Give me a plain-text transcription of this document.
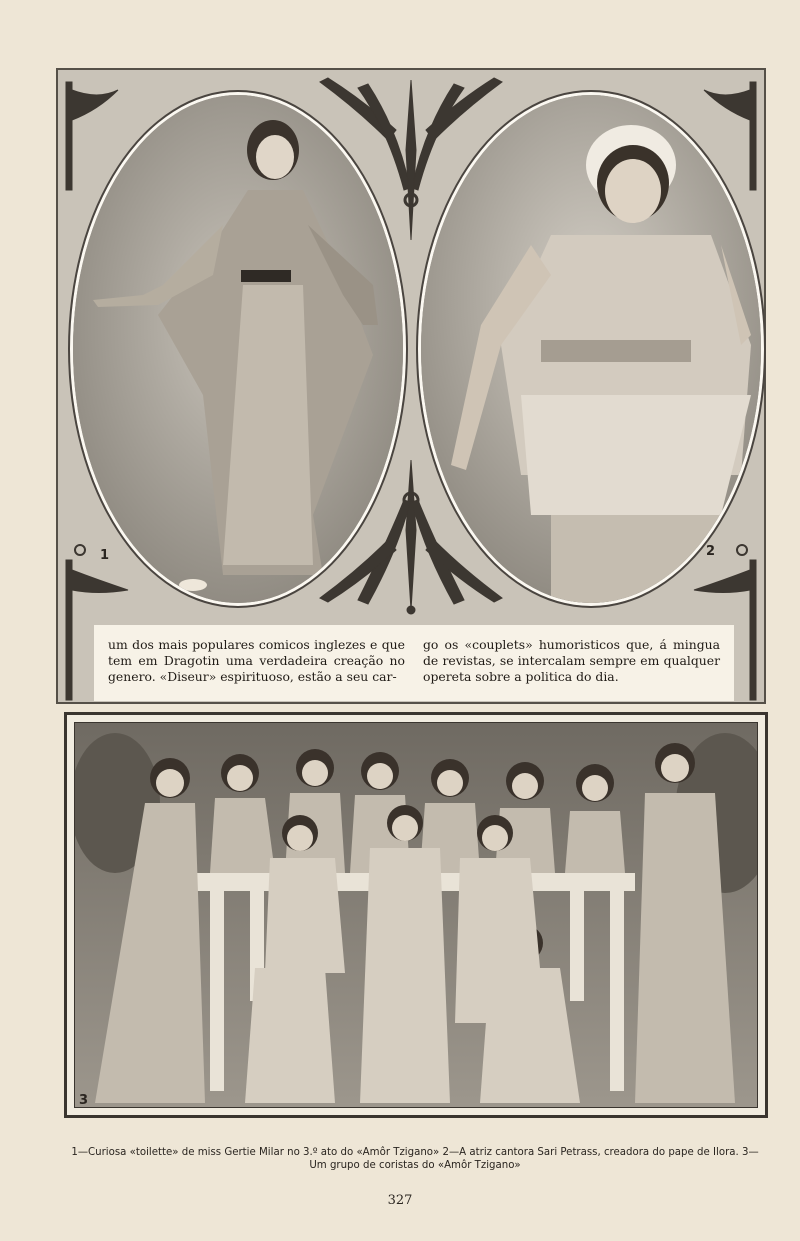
1	2
um dos mais populares comicos inglezes e que tem em Dragotin uma verdadeira creação no genero. «Diseur» espirituoso, estão a seu car-
go os «couplets» humoristicos que, á mingua de revistas, se intercalam sempre em qualquer opereta sobre a politica do dia.
3
1—Curiosa «toilette» de miss Gertie Milar no 3.º ato do «Amôr Tzigano» 2—A atriz cantora Sari Petrass, creadora do pape de Ilora. 3—Um grupo de coristas do «Amôr Tzigano»
327
